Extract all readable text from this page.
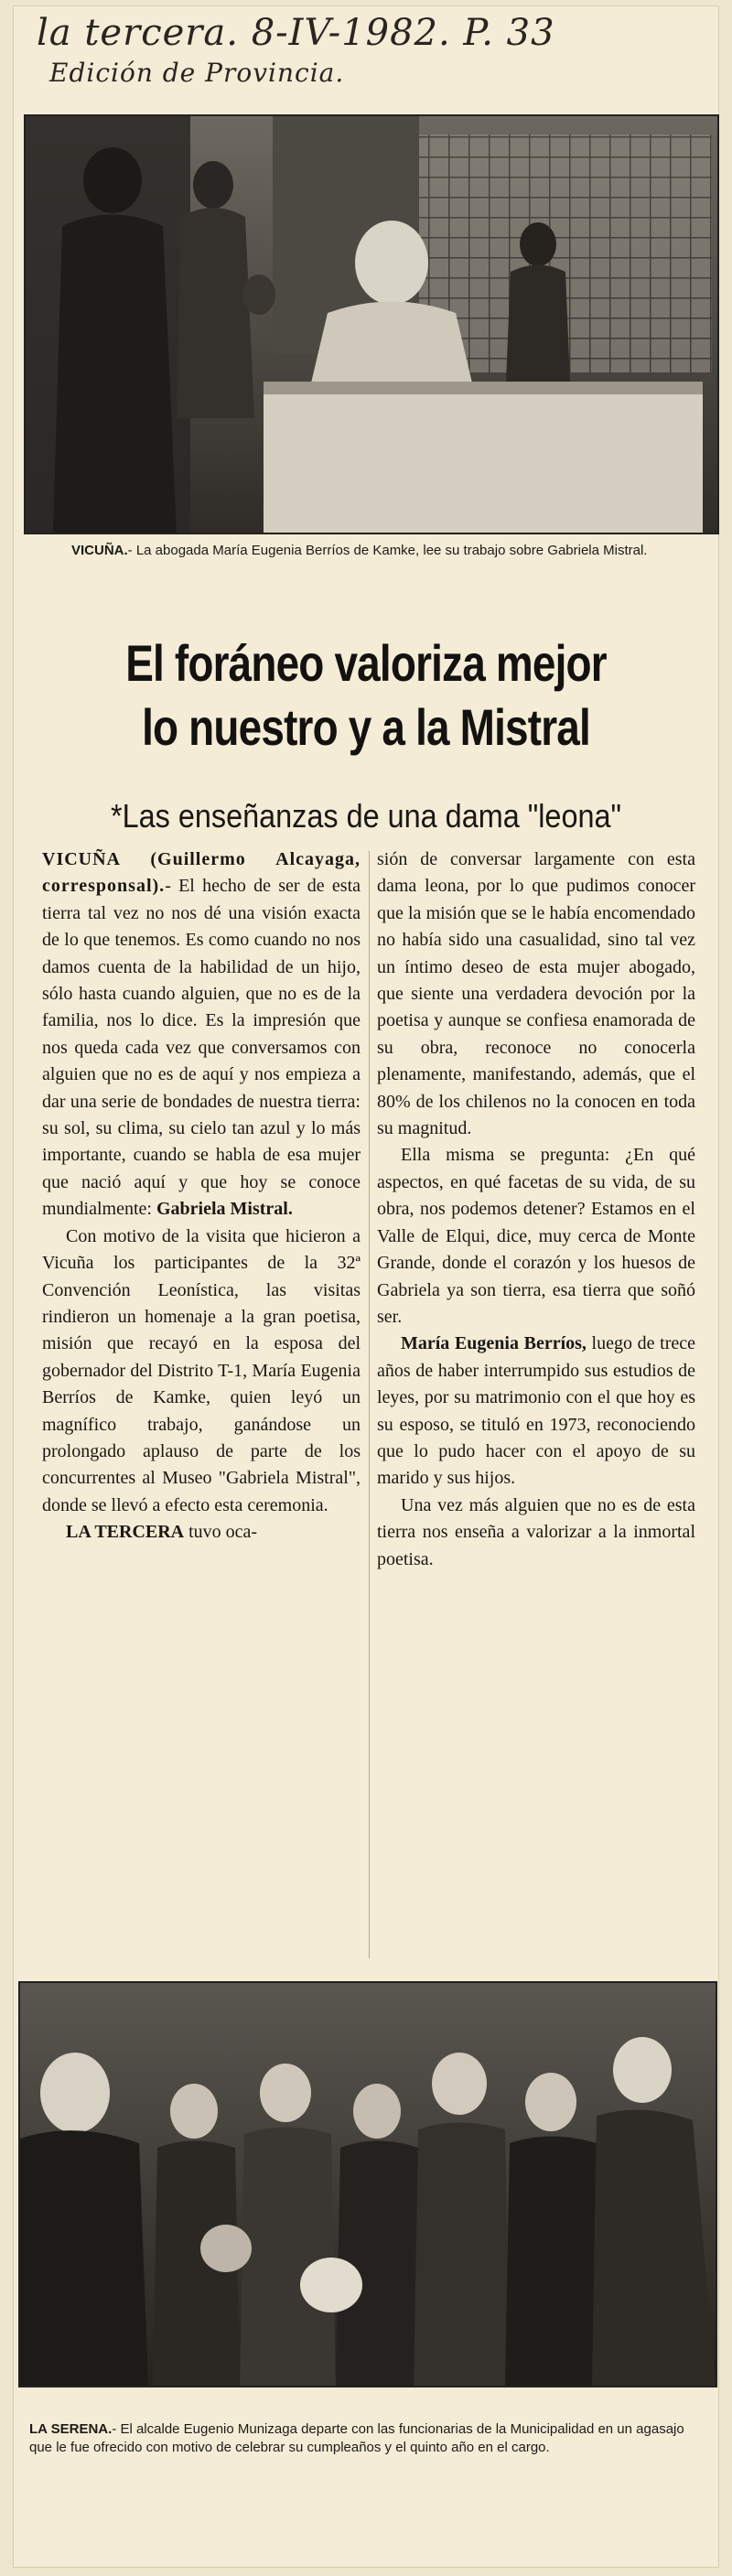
la tercera. 8-IV-1982. P. 33
Edición de Provincia.
VICUÑA.- La abogada María Eugenia Berríos de Kamke, lee su trabajo sobre Gabriela Mistral.
El foráneo valoriza mejor
lo nuestro y a la Mistral
*Las enseñanzas de una dama "leona"

VICUÑA (Guillermo Alcayaga, corresponsal).- El hecho de ser de esta tierra tal vez no nos dé una visión exacta de lo que tenemos. Es como cuando no nos damos cuenta de la habilidad de un hijo, sólo hasta cuando alguien, que no es de la familia, nos lo dice. Es la impresión que nos queda cada vez que conversamos con alguien que no es de aquí y nos empieza a dar una serie de bondades de nuestra tierra: su sol, su clima, su cielo tan azul y lo más importante, cuando se habla de esa mujer que nació aquí y que hoy se conoce mundialmente: Gabriela Mistral.

Con motivo de la visita que hicieron a Vicuña los participantes de la 32ª Convención Leonística, las visitas rindieron un homenaje a la gran poetisa, misión que recayó en la esposa del gobernador del Distrito T-1, María Eugenia Berríos de Kamke, quien leyó un magnífico trabajo, ganándose un prolongado aplauso de parte de los concurrentes al Museo "Gabriela Mistral", donde se llevó a efecto esta ceremonia.

LA TERCERA tuvo oca-

sión de conversar largamente con esta dama leona, por lo que pudimos conocer que la misión que se le había encomendado no había sido una casualidad, sino tal vez un íntimo deseo de esta mujer abogado, que siente una verdadera devoción por la poetisa y aunque se confiesa enamorada de su obra, reconoce no conocerla plenamente, manifestando, además, que el 80% de los chilenos no la conocen en toda su magnitud.

Ella misma se pregunta: ¿En qué aspectos, en qué facetas de su vida, de su obra, nos podemos detener? Estamos en el Valle de Elqui, dice, muy cerca de Monte Grande, donde el corazón y los huesos de Gabriela ya son tierra, esa tierra que soñó ser.

María Eugenia Berríos, luego de trece años de haber interrumpido sus estudios de leyes, por su matrimonio con el que hoy es su esposo, se tituló en 1973, reconociendo que lo pudo hacer con el apoyo de su marido y sus hijos.

Una vez más alguien que no es de esta tierra nos enseña a valorizar a la inmortal poetisa.

LA SERENA.- El alcalde Eugenio Munizaga departe con las funcionarias de la Municipalidad en un agasajo que le fue ofrecido con motivo de celebrar su cumpleaños y el quinto año en el cargo.
